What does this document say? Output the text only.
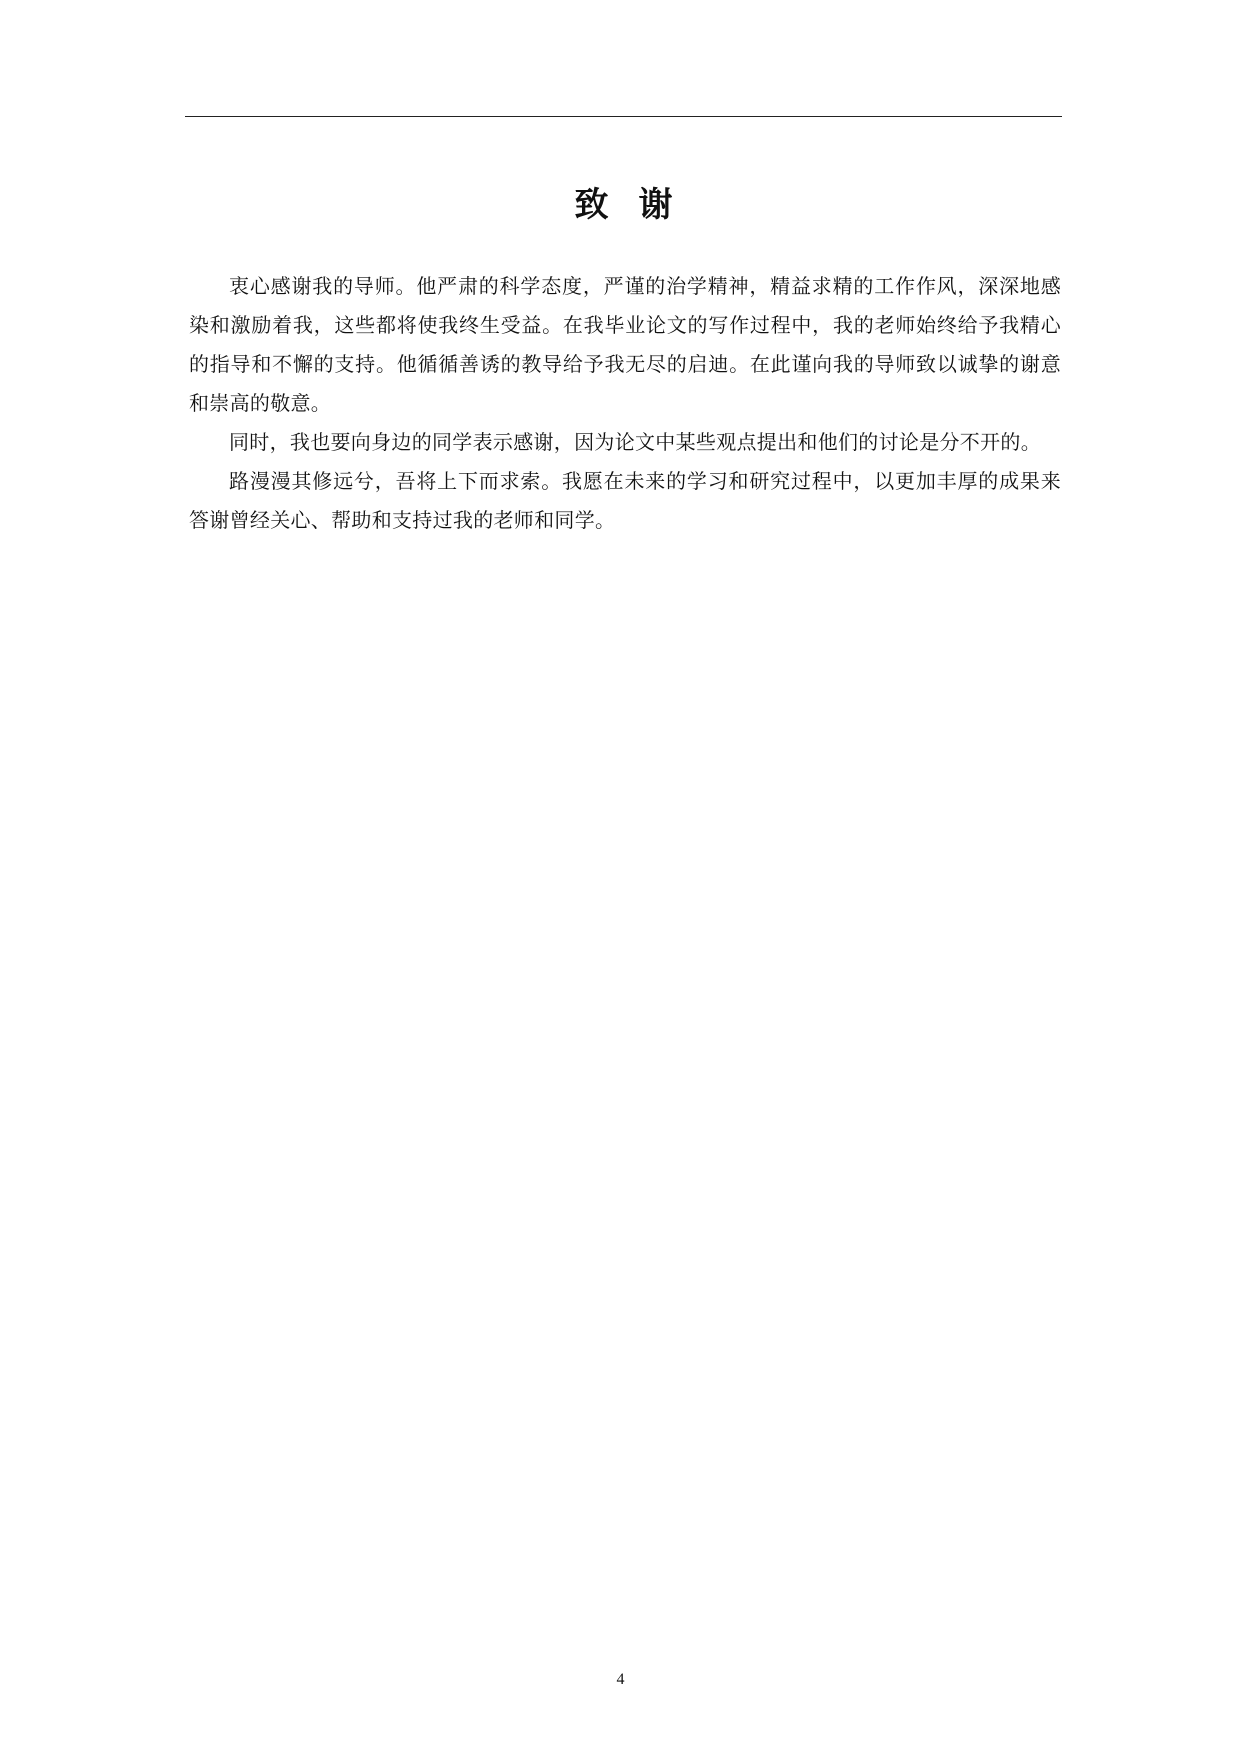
致谢

衷心感谢我的导师。他严肃的科学态度，严谨的治学精神，精益求精的工作作风，深深地感染和激励着我，这些都将使我终生受益。在我毕业论文的写作过程中，我的老师始终给予我精心的指导和不懈的支持。他循循善诱的教导给予我无尽的启迪。在此谨向我的导师致以诚挚的谢意和崇高的敬意。

同时，我也要向身边的同学表示感谢，因为论文中某些观点提出和他们的讨论是分不开的。

路漫漫其修远兮，吾将上下而求索。我愿在未来的学习和研究过程中，以更加丰厚的成果来答谢曾经关心、帮助和支持过我的老师和同学。

4
